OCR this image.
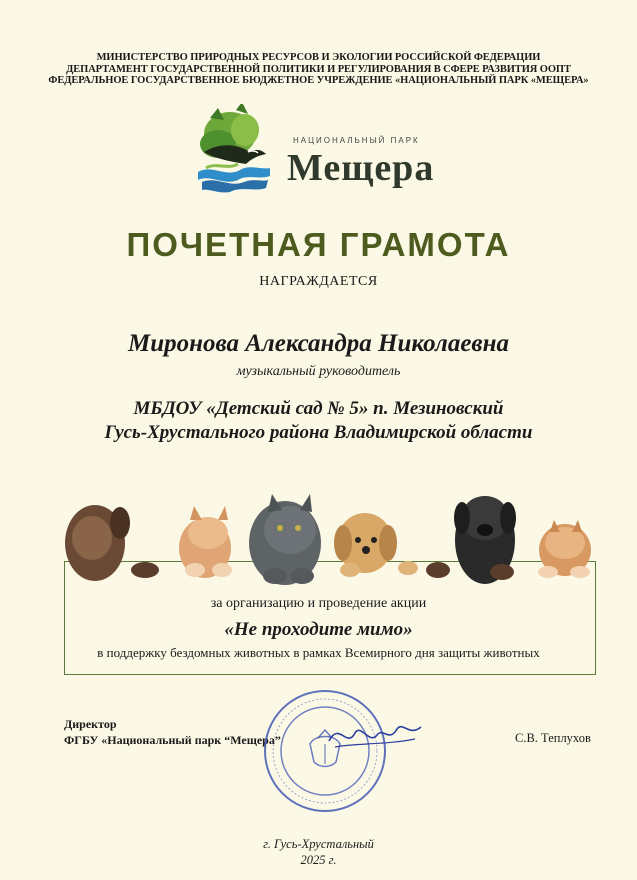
МИНИСТЕРСТВО ПРИРОДНЫХ РЕСУРСОВ И ЭКОЛОГИИ РОССИЙСКОЙ ФЕДЕРАЦИИ
ДЕПАРТАМЕНТ ГОСУДАРСТВЕННОЙ ПОЛИТИКИ И РЕГУЛИРОВАНИЯ В СФЕРЕ РАЗВИТИЯ ООПТ
ФЕДЕРАЛЬНОЕ ГОСУДАРСТВЕННОЕ БЮДЖЕТНОЕ УЧРЕЖДЕНИЕ «НАЦИОНАЛЬНЫЙ ПАРК «МЕЩЕРА»
НАЦИОНАЛЬНЫЙ ПАРК
Мещера
ПОЧЕТНАЯ ГРАМОТА
НАГРАЖДАЕТСЯ
Миронова Александра Николаевна
музыкальный руководитель
МБДОУ «Детский сад № 5» п. Мезиновский
Гусь-Хрустального района Владимирской области
за организацию и проведение акции
«Не проходите мимо»
в поддержку бездомных животных в рамках Всемирного дня защиты животных
Директор
ФГБУ «Национальный парк “Мещера”	С.В. Теплухов
г. Гусь-Хрустальный
2025 г.
